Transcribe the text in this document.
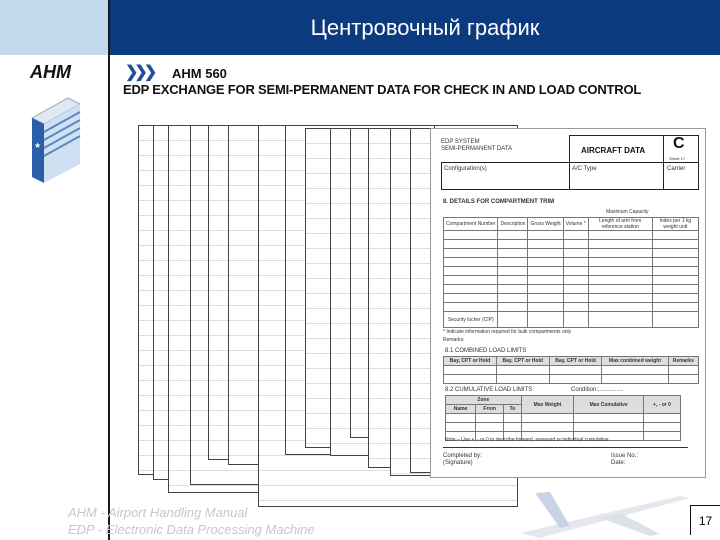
Центровочный график
AHM
★
❯❯❯ AHM 560
EDP EXCHANGE FOR SEMI-PERMANENT DATA FOR CHECK IN AND LOAD CONTROL
EDP SYSTEM
SEMI-PERMANENT DATA	AIRCRAFT DATA C
Sheet 17
Configuration(s)	A/C Type	Carrier
8. DETAILS FOR COMPARTMENT TRIM
Maximum Capacity
Compartment Number	Description	Gross Weight	Volume *	Length of arm from reference station	Index per 1 kg weight unit

Security locker (CIP)					
* Indicate information required for bulk compartments only
Remarks:
8.1 COMBINED LOAD LIMITS
Bay, CPT or Hold	Bay, CPT or Hold	Bay, CPT or Hold	Max combined weight	Remarks

8.2 CUMULATIVE LOAD LIMITS	Condition:...............
Zone			Max Weight	Max Cumulative	+, - or 0
Name	From	To			

Note – Use +, - or 0 to describe forward, rearward or individual cumulative
Completed by:
(Signature)
Issue No.:
Date:
AHM - Airport Handling Manual
EDP - Electronic Data Processing Machine
17
